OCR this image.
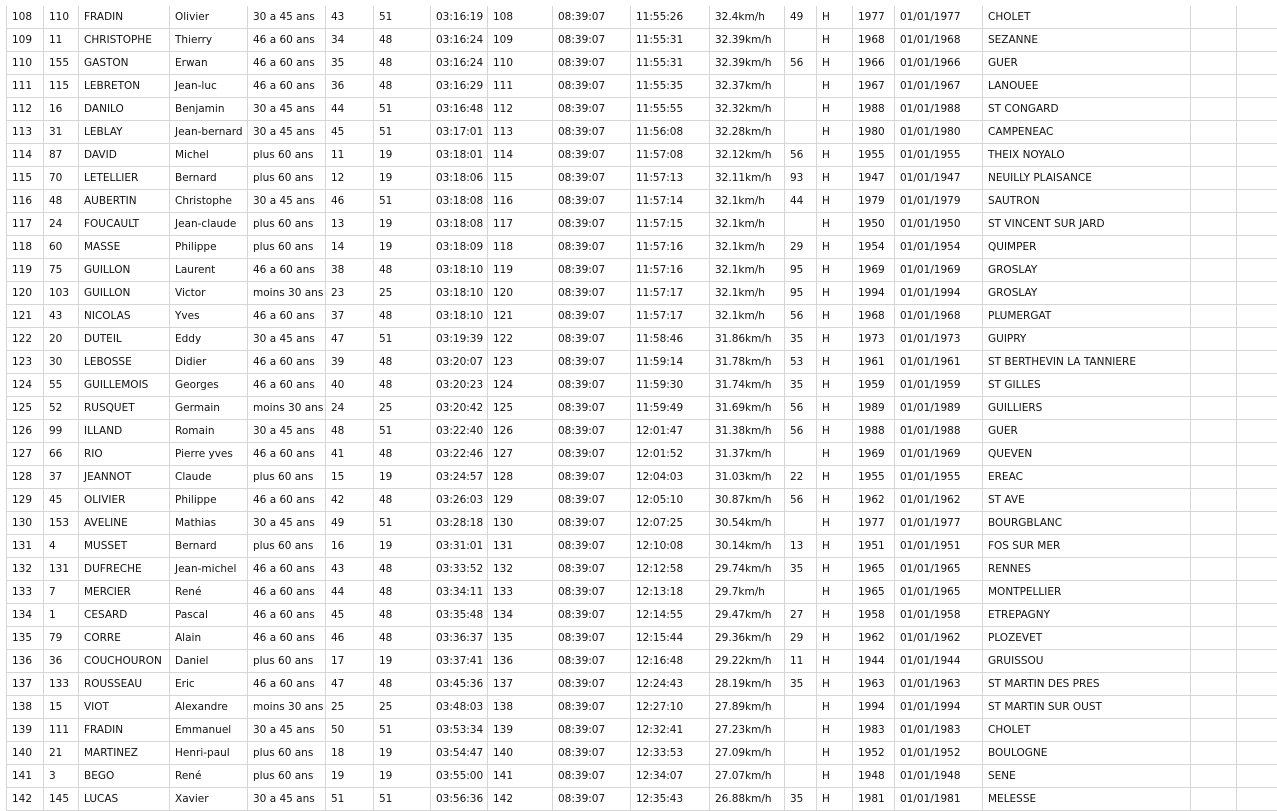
108	110	FRADIN	Olivier	30 a 45 ans	43	51	03:16:19	108	08:39:07	11:55:26	32.4km/h	49	H	1977	01/01/1977	CHOLET		
109	11	CHRISTOPHE	Thierry	46 a 60 ans	34	48	03:16:24	109	08:39:07	11:55:31	32.39km/h		H	1968	01/01/1968	SEZANNE		
110	155	GASTON	Erwan	46 a 60 ans	35	48	03:16:24	110	08:39:07	11:55:31	32.39km/h	56	H	1966	01/01/1966	GUER		
111	115	LEBRETON	Jean-luc	46 a 60 ans	36	48	03:16:29	111	08:39:07	11:55:35	32.37km/h		H	1967	01/01/1967	LANOUEE		
112	16	DANILO	Benjamin	30 a 45 ans	44	51	03:16:48	112	08:39:07	11:55:55	32.32km/h		H	1988	01/01/1988	ST CONGARD		
113	31	LEBLAY	Jean-bernard	30 a 45 ans	45	51	03:17:01	113	08:39:07	11:56:08	32.28km/h		H	1980	01/01/1980	CAMPENEAC		
114	87	DAVID	Michel	plus 60 ans	11	19	03:18:01	114	08:39:07	11:57:08	32.12km/h	56	H	1955	01/01/1955	THEIX NOYALO		
115	70	LETELLIER	Bernard	plus 60 ans	12	19	03:18:06	115	08:39:07	11:57:13	32.11km/h	93	H	1947	01/01/1947	NEUILLY PLAISANCE		
116	48	AUBERTIN	Christophe	30 a 45 ans	46	51	03:18:08	116	08:39:07	11:57:14	32.1km/h	44	H	1979	01/01/1979	SAUTRON		
117	24	FOUCAULT	Jean-claude	plus 60 ans	13	19	03:18:08	117	08:39:07	11:57:15	32.1km/h		H	1950	01/01/1950	ST VINCENT SUR JARD		
118	60	MASSE	Philippe	plus 60 ans	14	19	03:18:09	118	08:39:07	11:57:16	32.1km/h	29	H	1954	01/01/1954	QUIMPER		
119	75	GUILLON	Laurent	46 a 60 ans	38	48	03:18:10	119	08:39:07	11:57:16	32.1km/h	95	H	1969	01/01/1969	GROSLAY		
120	103	GUILLON	Victor	moins 30 ans	23	25	03:18:10	120	08:39:07	11:57:17	32.1km/h	95	H	1994	01/01/1994	GROSLAY		
121	43	NICOLAS	Yves	46 a 60 ans	37	48	03:18:10	121	08:39:07	11:57:17	32.1km/h	56	H	1968	01/01/1968	PLUMERGAT		
122	20	DUTEIL	Eddy	30 a 45 ans	47	51	03:19:39	122	08:39:07	11:58:46	31.86km/h	35	H	1973	01/01/1973	GUIPRY		
123	30	LEBOSSE	Didier	46 a 60 ans	39	48	03:20:07	123	08:39:07	11:59:14	31.78km/h	53	H	1961	01/01/1961	ST BERTHEVIN LA TANNIERE		
124	55	GUILLEMOIS	Georges	46 a 60 ans	40	48	03:20:23	124	08:39:07	11:59:30	31.74km/h	35	H	1959	01/01/1959	ST GILLES		
125	52	RUSQUET	Germain	moins 30 ans	24	25	03:20:42	125	08:39:07	11:59:49	31.69km/h	56	H	1989	01/01/1989	GUILLIERS		
126	99	ILLAND	Romain	30 a 45 ans	48	51	03:22:40	126	08:39:07	12:01:47	31.38km/h	56	H	1988	01/01/1988	GUER		
127	66	RIO	Pierre yves	46 a 60 ans	41	48	03:22:46	127	08:39:07	12:01:52	31.37km/h		H	1969	01/01/1969	QUEVEN		
128	37	JEANNOT	Claude	plus 60 ans	15	19	03:24:57	128	08:39:07	12:04:03	31.03km/h	22	H	1955	01/01/1955	EREAC		
129	45	OLIVIER	Philippe	46 a 60 ans	42	48	03:26:03	129	08:39:07	12:05:10	30.87km/h	56	H	1962	01/01/1962	ST AVE		
130	153	AVELINE	Mathias	30 a 45 ans	49	51	03:28:18	130	08:39:07	12:07:25	30.54km/h		H	1977	01/01/1977	BOURGBLANC		
131	4	MUSSET	Bernard	plus 60 ans	16	19	03:31:01	131	08:39:07	12:10:08	30.14km/h	13	H	1951	01/01/1951	FOS SUR MER		
132	131	DUFRECHE	Jean-michel	46 a 60 ans	43	48	03:33:52	132	08:39:07	12:12:58	29.74km/h	35	H	1965	01/01/1965	RENNES		
133	7	MERCIER	René	46 a 60 ans	44	48	03:34:11	133	08:39:07	12:13:18	29.7km/h		H	1965	01/01/1965	MONTPELLIER		
134	1	CESARD	Pascal	46 a 60 ans	45	48	03:35:48	134	08:39:07	12:14:55	29.47km/h	27	H	1958	01/01/1958	ETREPAGNY		
135	79	CORRE	Alain	46 a 60 ans	46	48	03:36:37	135	08:39:07	12:15:44	29.36km/h	29	H	1962	01/01/1962	PLOZEVET		
136	36	COUCHOURON	Daniel	plus 60 ans	17	19	03:37:41	136	08:39:07	12:16:48	29.22km/h	11	H	1944	01/01/1944	GRUISSOU		
137	133	ROUSSEAU	Eric	46 a 60 ans	47	48	03:45:36	137	08:39:07	12:24:43	28.19km/h	35	H	1963	01/01/1963	ST MARTIN DES PRES		
138	15	VIOT	Alexandre	moins 30 ans	25	25	03:48:03	138	08:39:07	12:27:10	27.89km/h		H	1994	01/01/1994	ST MARTIN SUR OUST		
139	111	FRADIN	Emmanuel	30 a 45 ans	50	51	03:53:34	139	08:39:07	12:32:41	27.23km/h		H	1983	01/01/1983	CHOLET		
140	21	MARTINEZ	Henri-paul	plus 60 ans	18	19	03:54:47	140	08:39:07	12:33:53	27.09km/h		H	1952	01/01/1952	BOULOGNE		
141	3	BEGO	René	plus 60 ans	19	19	03:55:00	141	08:39:07	12:34:07	27.07km/h		H	1948	01/01/1948	SENE		
142	145	LUCAS	Xavier	30 a 45 ans	51	51	03:56:36	142	08:39:07	12:35:43	26.88km/h	35	H	1981	01/01/1981	MELESSE		
